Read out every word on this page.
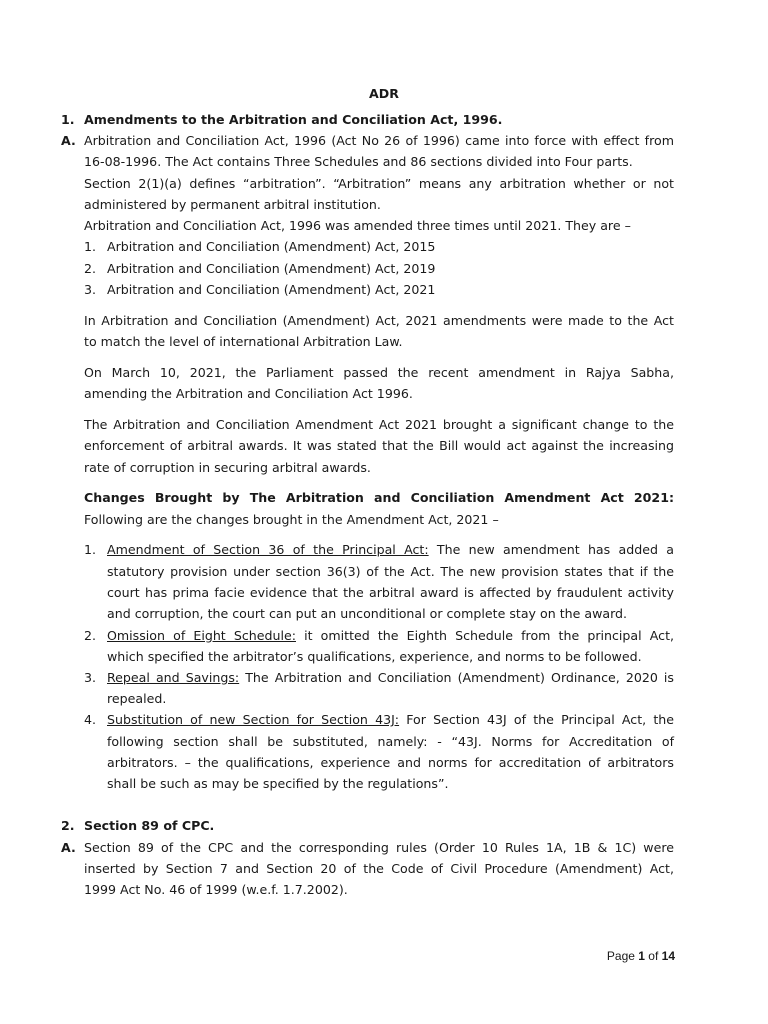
ADR
1. Amendments to the Arbitration and Conciliation Act, 1996.
A. Arbitration and Conciliation Act, 1996 (Act No 26 of 1996) came into force with effect from
16-08-1996. The Act contains Three Schedules and 86 sections divided into Four parts.
Section 2(1)(a) defines “arbitration”. “Arbitration” means any arbitration whether or not
administered by permanent arbitral institution.
Arbitration and Conciliation Act, 1996 was amended three times until 2021. They are –
1. Arbitration and Conciliation (Amendment) Act, 2015
2. Arbitration and Conciliation (Amendment) Act, 2019
3. Arbitration and Conciliation (Amendment) Act, 2021
In Arbitration and Conciliation (Amendment) Act, 2021 amendments were made to the Act
to match the level of international Arbitration Law.
On March 10, 2021, the Parliament passed the recent amendment in Rajya Sabha,
amending the Arbitration and Conciliation Act 1996.
The Arbitration and Conciliation Amendment Act 2021 brought a significant change to the
enforcement of arbitral awards. It was stated that the Bill would act against the increasing
rate of corruption in securing arbitral awards.
Changes Brought by The Arbitration and Conciliation Amendment Act 2021:
Following are the changes brought in the Amendment Act, 2021 –
1. Amendment of Section 36 of the Principal Act: The new amendment has added a
statutory provision under section 36(3) of the Act. The new provision states that if the
court has prima facie evidence that the arbitral award is affected by fraudulent activity
and corruption, the court can put an unconditional or complete stay on the award.
2. Omission of Eight Schedule: it omitted the Eighth Schedule from the principal Act,
which specified the arbitrator’s qualifications, experience, and norms to be followed.
3. Repeal and Savings: The Arbitration and Conciliation (Amendment) Ordinance, 2020 is
repealed.
4. Substitution of new Section for Section 43J: For Section 43J of the Principal Act, the
following section shall be substituted, namely: - “43J. Norms for Accreditation of
arbitrators. – the qualifications, experience and norms for accreditation of arbitrators
shall be such as may be specified by the regulations”.
2. Section 89 of CPC.
A. Section 89 of the CPC and the corresponding rules (Order 10 Rules 1A, 1B & 1C) were
inserted by Section 7 and Section 20 of the Code of Civil Procedure (Amendment) Act,
1999 Act No. 46 of 1999 (w.e.f. 1.7.2002).
Page 1 of 14
